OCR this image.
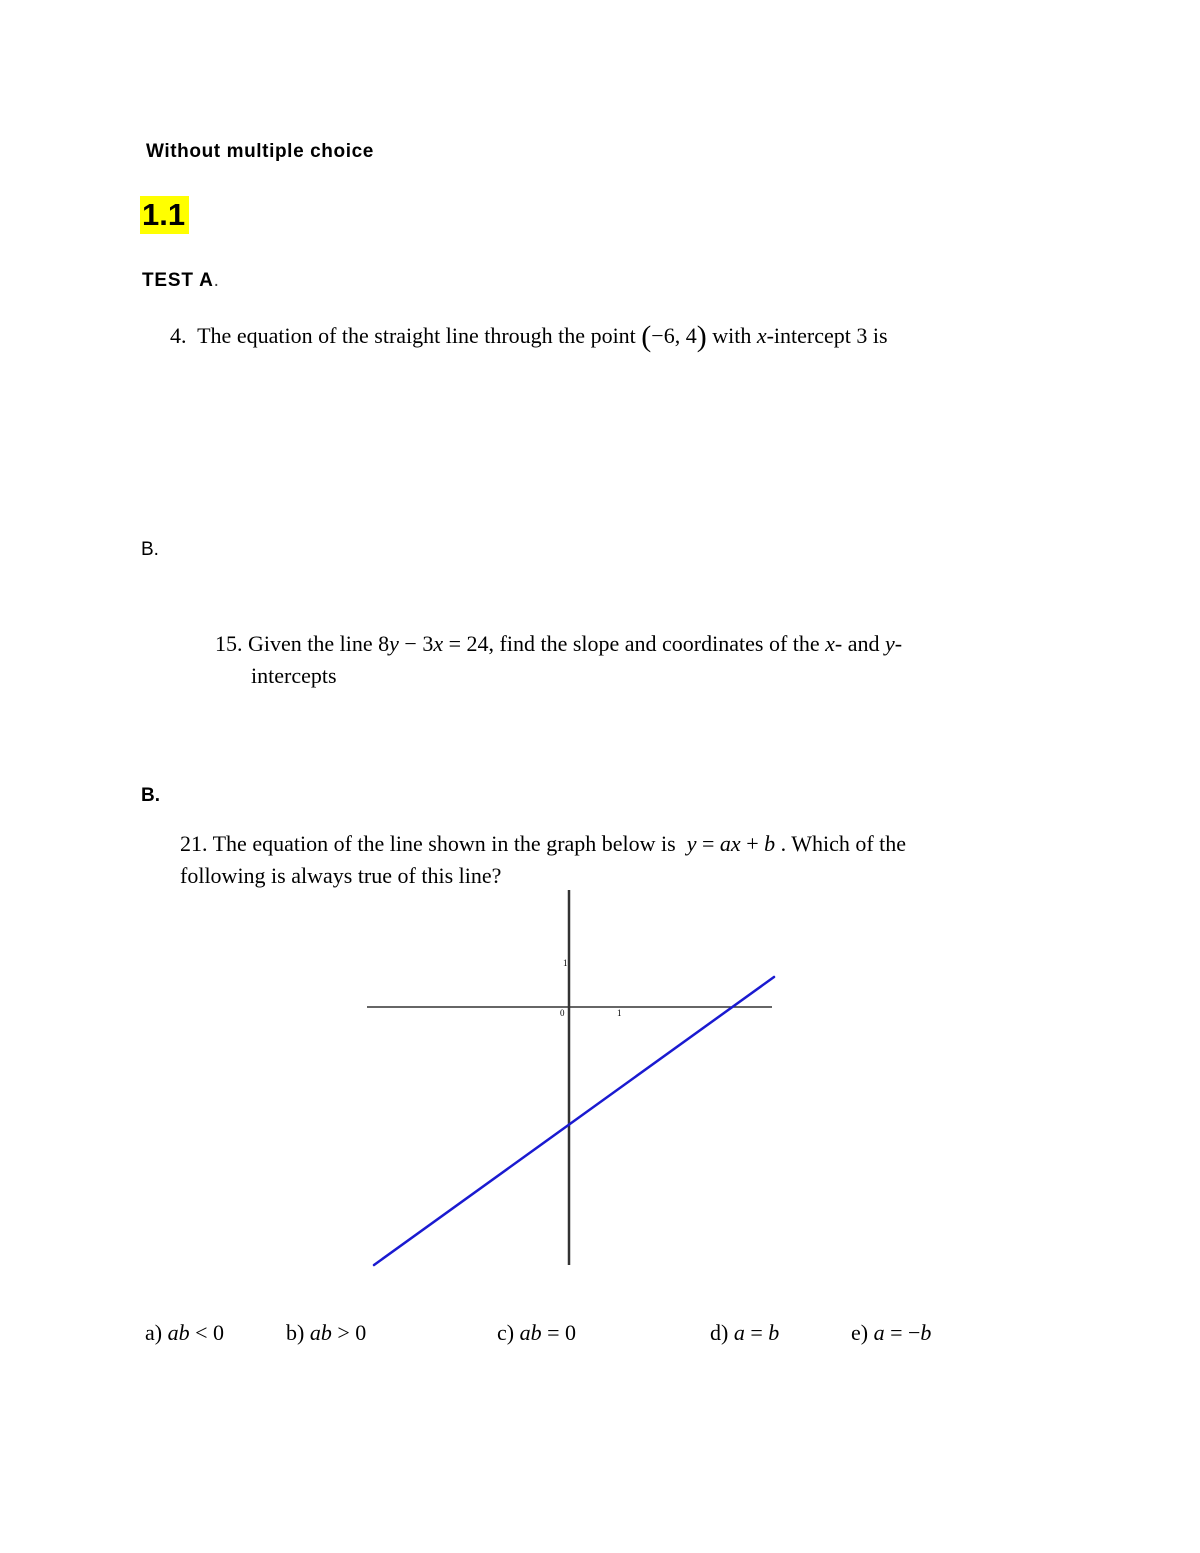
Without multiple choice
1.1
TEST A.
4. The equation of the straight line through the point (−6, 4) with x-intercept 3 is
B.
15. Given the line 8y − 3x = 24, find the slope and coordinates of the x- and y-
intercepts
B.
21. The equation of the line shown in the graph below is y = ax + b . Which of the
following is always true of this line?
1
0	1
a) ab < 0	b) ab > 0	c) ab = 0	d) a = b	e) a = −b
